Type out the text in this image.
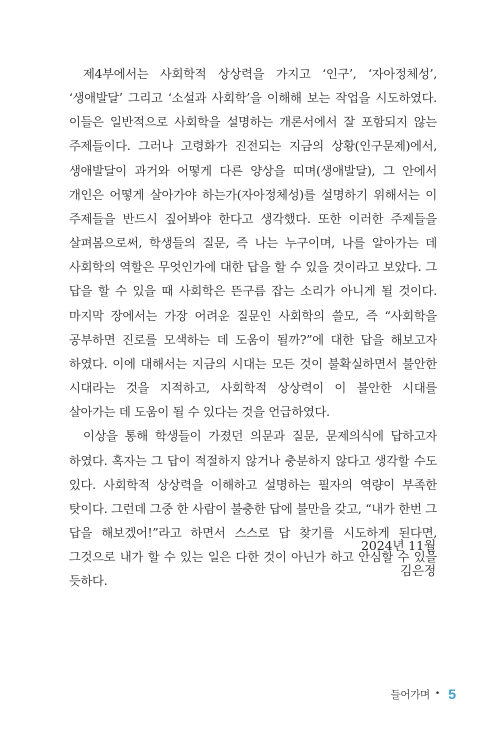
제4부에서는 사회학적 상상력을 가지고 ‘인구’, ‘자아정체성’, ‘생애발달’ 그리고 ‘소설과 사회학’을 이해해 보는 작업을 시도하였다. 이들은 일반적으로 사회학을 설명하는 개론서에서 잘 포함되지 않는 주제들이다. 그러나 고령화가 진전되는 지금의 상황(인구문제)에서, 생애발달이 과거와 어떻게 다른 양상을 띠며(생애발달), 그 안에서 개인은 어떻게 살아가야 하는가(자아정체성)를 설명하기 위해서는 이 주제들을 반드시 짚어봐야 한다고 생각했다. 또한 이러한 주제들을 살펴봄으로써, 학생들의 질문, 즉 나는 누구이며, 나를 알아가는 데 사회학의 역할은 무엇인가에 대한 답을 할 수 있을 것이라고 보았다. 그 답을 할 수 있을 때 사회학은 뜬구름 잡는 소리가 아니게 될 것이다. 마지막 장에서는 가장 어려운 질문인 사회학의 쓸모, 즉 “사회학을 공부하면 진로를 모색하는 데 도움이 될까?”에 대한 답을 해보고자 하였다. 이에 대해서는 지금의 시대는 모든 것이 불확실하면서 불안한 시대라는 것을 지적하고, 사회학적 상상력이 이 불안한 시대를 살아가는 데 도움이 될 수 있다는 것을 언급하였다.

이상을 통해 학생들이 가졌던 의문과 질문, 문제의식에 답하고자 하였다. 혹자는 그 답이 적절하지 않거나 충분하지 않다고 생각할 수도 있다. 사회학적 상상력을 이해하고 설명하는 필자의 역량이 부족한 탓이다. 그런데 그중 한 사람이 불충한 답에 불만을 갖고, “내가 한번 그 답을 해보겠어!”라고 하면서 스스로 답 찾기를 시도하게 된다면, 그것으로 내가 할 수 있는 일은 다한 것이 아닌가 하고 안심할 수 있을 듯하다.

2024년 11월
김은정
들어가며 • 5
